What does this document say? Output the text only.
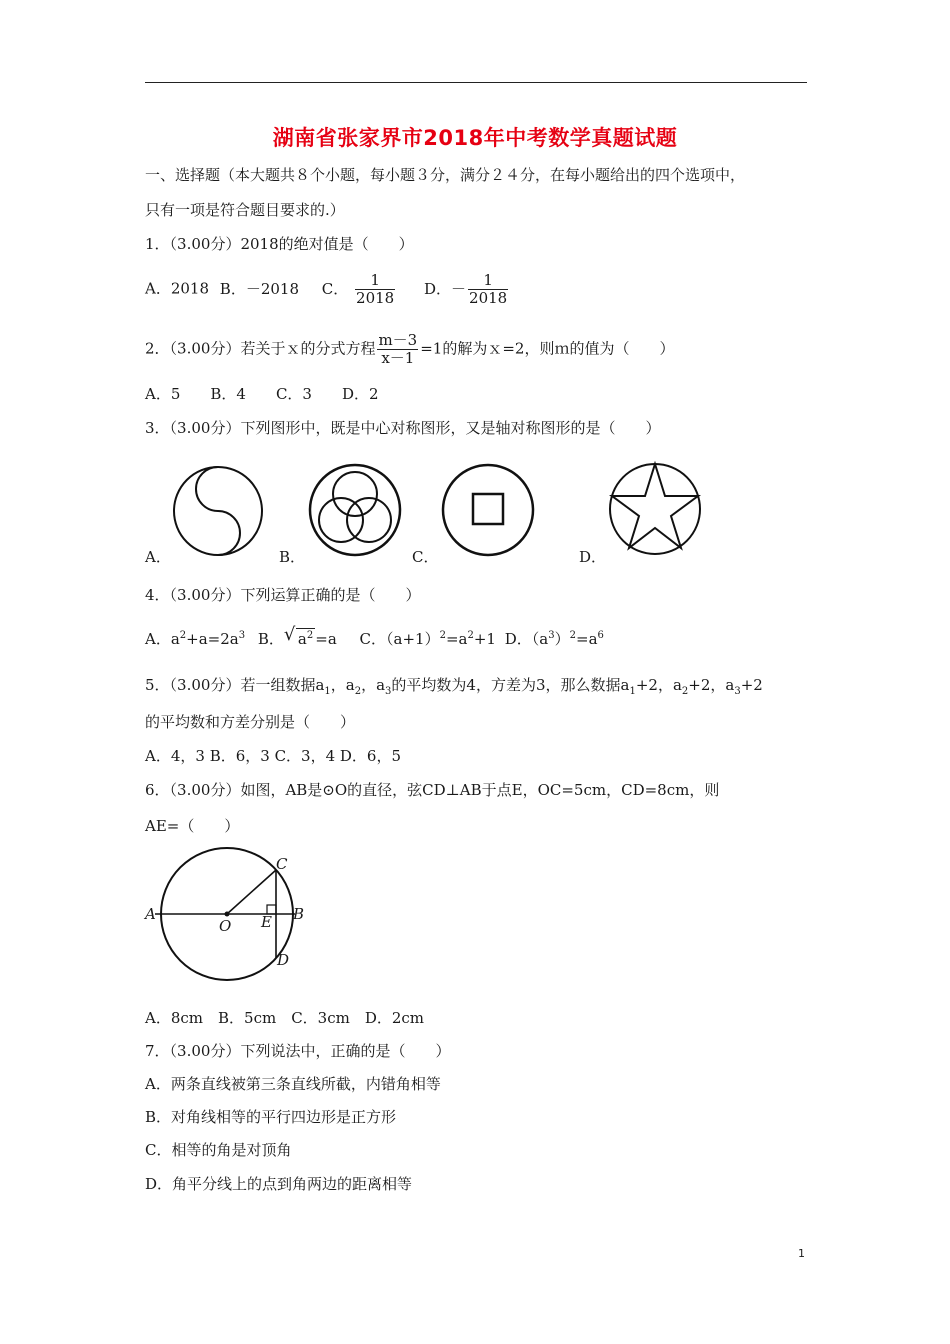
湖南省张家界市2018年中考数学真题试题
一、选择题（本大题共８个小题，每小题３分，满分２４分，在每小题给出的四个选项中，
只有一项是符合题目要求的.）
1．（3.00分）2018的绝对值是（　　）
A．2018 B．－2018 C． $\frac{1}{2018}$ D．－ $\frac{1}{2018}$
2．（3.00分）若关于ｘ的分式方程 $\frac{m-3}{x-1} =1$的解为ｘ=2，则ｍ的值为（　　）
A．5　　B．4　　C．3　　D．2
3．（3.00分）下列图形中，既是中心对称图形，又是轴对称图形的是（　　）
A．	B．	C．	D．
4．（3.00分）下列运算正确的是（　　）
A．$a^2+a=2a^3$ B． √ $a^2 =a$ C．$(a+1)^2=a^2+1$ D．$(a^3)^2=a^6$
5．（3.00分）若一组数据$a_1$，$a_2$，$a_3$的平均数为4，方差为3，那么数据$a_1+2$，$a_2+2$，$a_3+2$
的平均数和方差分别是（　　）
A．4，3 B．6，3 C．3，4 D．6，5
6．（3.00分）如图，AB是⊙O的直径，弦CD⊥AB于点E，OC=5cm，CD=8cm，则
AE=（　　）
A	B
C
D
E
O
A．8cm　B．5cm　C．3cm　D．2cm
7．（3.00分）下列说法中，正确的是（　　）
A．两条直线被第三条直线所截，内错角相等
B．对角线相等的平行四边形是正方形
C．相等的角是对顶角
D．角平分线上的点到角两边的距离相等
1
